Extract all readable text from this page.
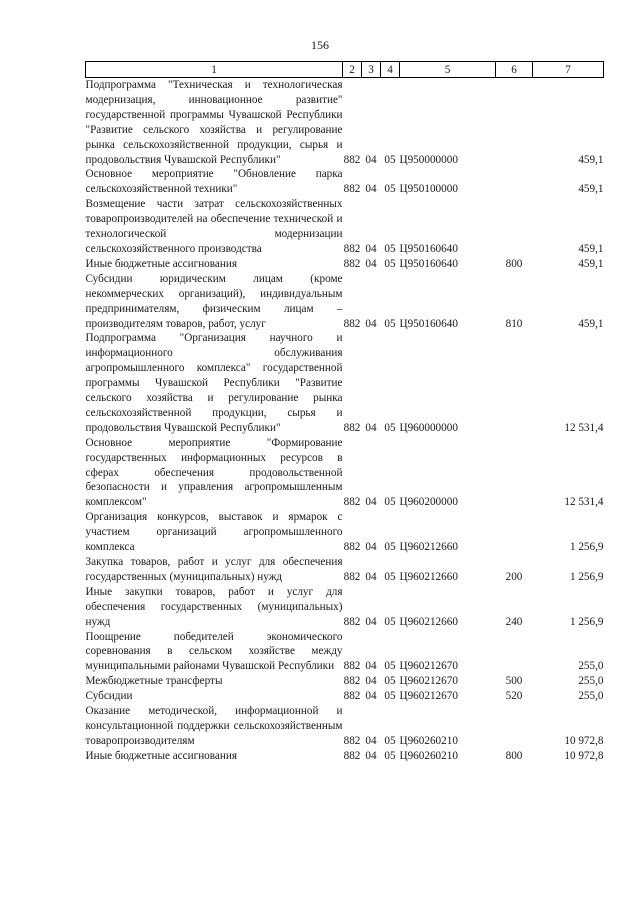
156
1	2	3	4	5	6	7
Подпрограмма "Техническая и технологическая модернизация, инновационное развитие" государственной программы Чувашской Республики "Развитие сельского хозяйства и регулирование рынка сельскохозяйственной продукции, сырья и продовольствия Чувашской Республики"	882	04	05	Ц950000000		459,1
Основное мероприятие "Обновление парка сельскохозяйственной техники"	882	04	05	Ц950100000		459,1
Возмещение части затрат сельскохозяйственных товаропроизводителей на обеспечение технической и технологической модернизации сельскохозяйственного производства	882	04	05	Ц950160640		459,1
Иные бюджетные ассигнования	882	04	05	Ц950160640	800	459,1
Субсидии юридическим лицам (кроме некоммерческих организаций), индивидуальным предпринимателям, физическим лицам – производителям товаров, работ, услуг	882	04	05	Ц950160640	810	459,1
Подпрограмма "Организация научного и информационного обслуживания агропромышленного комплекса" государственной программы Чувашской Республики "Развитие сельского хозяйства и регулирование рынка сельскохозяйственной продукции, сырья и продовольствия Чувашской Республики"	882	04	05	Ц960000000		12 531,4
Основное мероприятие "Формирование государственных информационных ресурсов в сферах обеспечения продовольственной безопасности и управления агропромышленным комплексом"	882	04	05	Ц960200000		12 531,4
Организация конкурсов, выставок и ярмарок с участием организаций агропромышленного комплекса	882	04	05	Ц960212660		1 256,9
Закупка товаров, работ и услуг для обеспечения государственных (муниципальных) нужд	882	04	05	Ц960212660	200	1 256,9
Иные закупки товаров, работ и услуг для обеспечения государственных (муниципальных) нужд	882	04	05	Ц960212660	240	1 256,9
Поощрение победителей экономического соревнования в сельском хозяйстве между муниципальными районами Чувашской Республики	882	04	05	Ц960212670		255,0
Межбюджетные трансферты	882	04	05	Ц960212670	500	255,0
Субсидии	882	04	05	Ц960212670	520	255,0
Оказание методической, информационной и консультационной поддержки сельскохозяйственным товаропроизводителям	882	04	05	Ц960260210		10 972,8
Иные бюджетные ассигнования	882	04	05	Ц960260210	800	10 972,8
